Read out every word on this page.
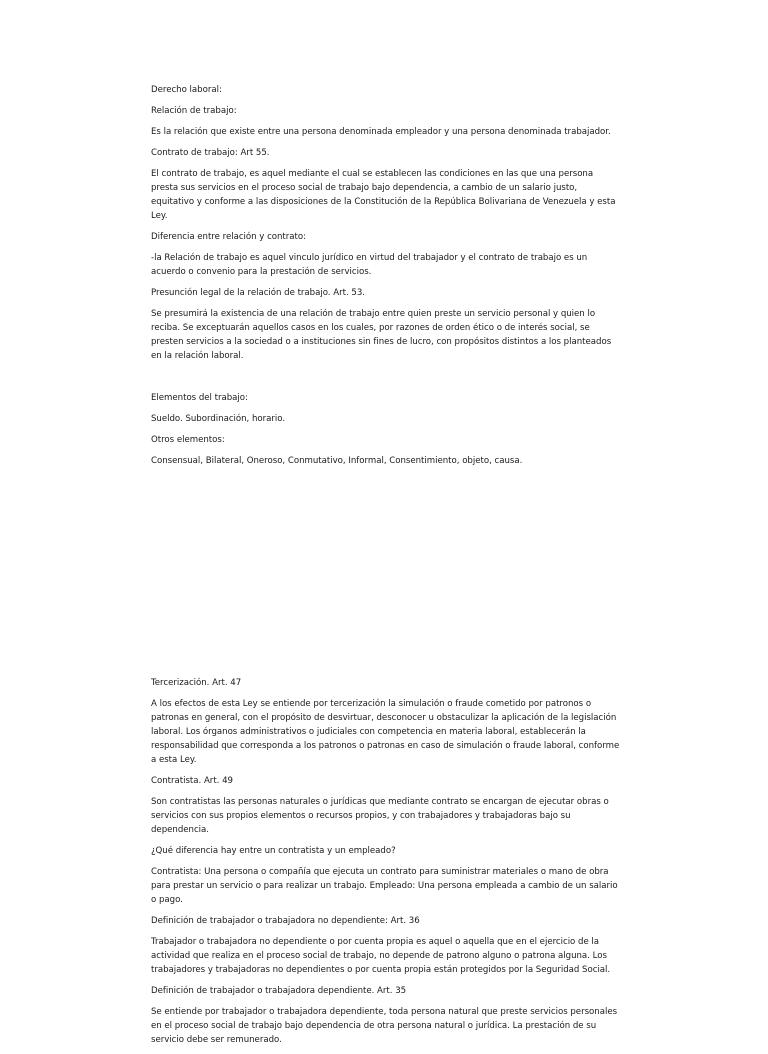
Derecho laboral:

Relación de trabajo:

Es la relación que existe entre una persona denominada empleador y una persona denominada trabajador.

Contrato de trabajo: Art 55.

El contrato de trabajo, es aquel mediante el cual se establecen las condiciones en las que una persona presta sus servicios en el proceso social de trabajo bajo dependencia, a cambio de un salario justo, equitativo y conforme a las disposiciones de la Constitución de la República Bolivariana de Venezuela y esta Ley.

Diferencia entre relación y contrato:

-la Relación de trabajo es aquel vinculo jurídico en virtud del trabajador y el contrato de trabajo es un acuerdo o convenio para la prestación de servicios.

Presunción legal de la relación de trabajo. Art. 53.

Se presumirá la existencia de una relación de trabajo entre quien preste un servicio personal y quien lo reciba. Se exceptuarán aquellos casos en los cuales, por razones de orden ético o de interés social, se presten servicios a la sociedad o a instituciones sin fines de lucro, con propósitos distintos a los planteados en la relación laboral.

Elementos del trabajo:

Sueldo. Subordinación, horario.

Otros elementos:

Consensual, Bilateral, Oneroso, Conmutativo, Informal, Consentimiento, objeto, causa.

Tercerización. Art. 47

A los efectos de esta Ley se entiende por tercerización la simulación o fraude cometido por patronos o patronas en general, con el propósito de desvirtuar, desconocer u obstaculizar la aplicación de la legislación laboral. Los órganos administrativos o judiciales con competencia en materia laboral, establecerán la responsabilidad que corresponda a los patronos o patronas en caso de simulación o fraude laboral, conforme a esta Ley.

Contratista. Art. 49

Son contratistas las personas naturales o jurídicas que mediante contrato se encargan de ejecutar obras o servicios con sus propios elementos o recursos propios, y con trabajadores y trabajadoras bajo su dependencia.

¿Qué diferencia hay entre un contratista y un empleado?

Contratista: Una persona o compañía que ejecuta un contrato para suministrar materiales o mano de obra para prestar un servicio o para realizar un trabajo. Empleado: Una persona empleada a cambio de un salario o pago.

Definición de trabajador o trabajadora no dependiente: Art. 36

Trabajador o trabajadora no dependiente o por cuenta propia es aquel o aquella que en el ejercicio de la actividad que realiza en el proceso social de trabajo, no depende de patrono alguno o patrona alguna. Los trabajadores y trabajadoras no dependientes o por cuenta propia están protegidos por la Seguridad Social.

Definición de trabajador o trabajadora dependiente. Art. 35

Se entiende por trabajador o trabajadora dependiente, toda persona natural que preste servicios personales en el proceso social de trabajo bajo dependencia de otra persona natural o jurídica. La prestación de su servicio debe ser remunerado.
